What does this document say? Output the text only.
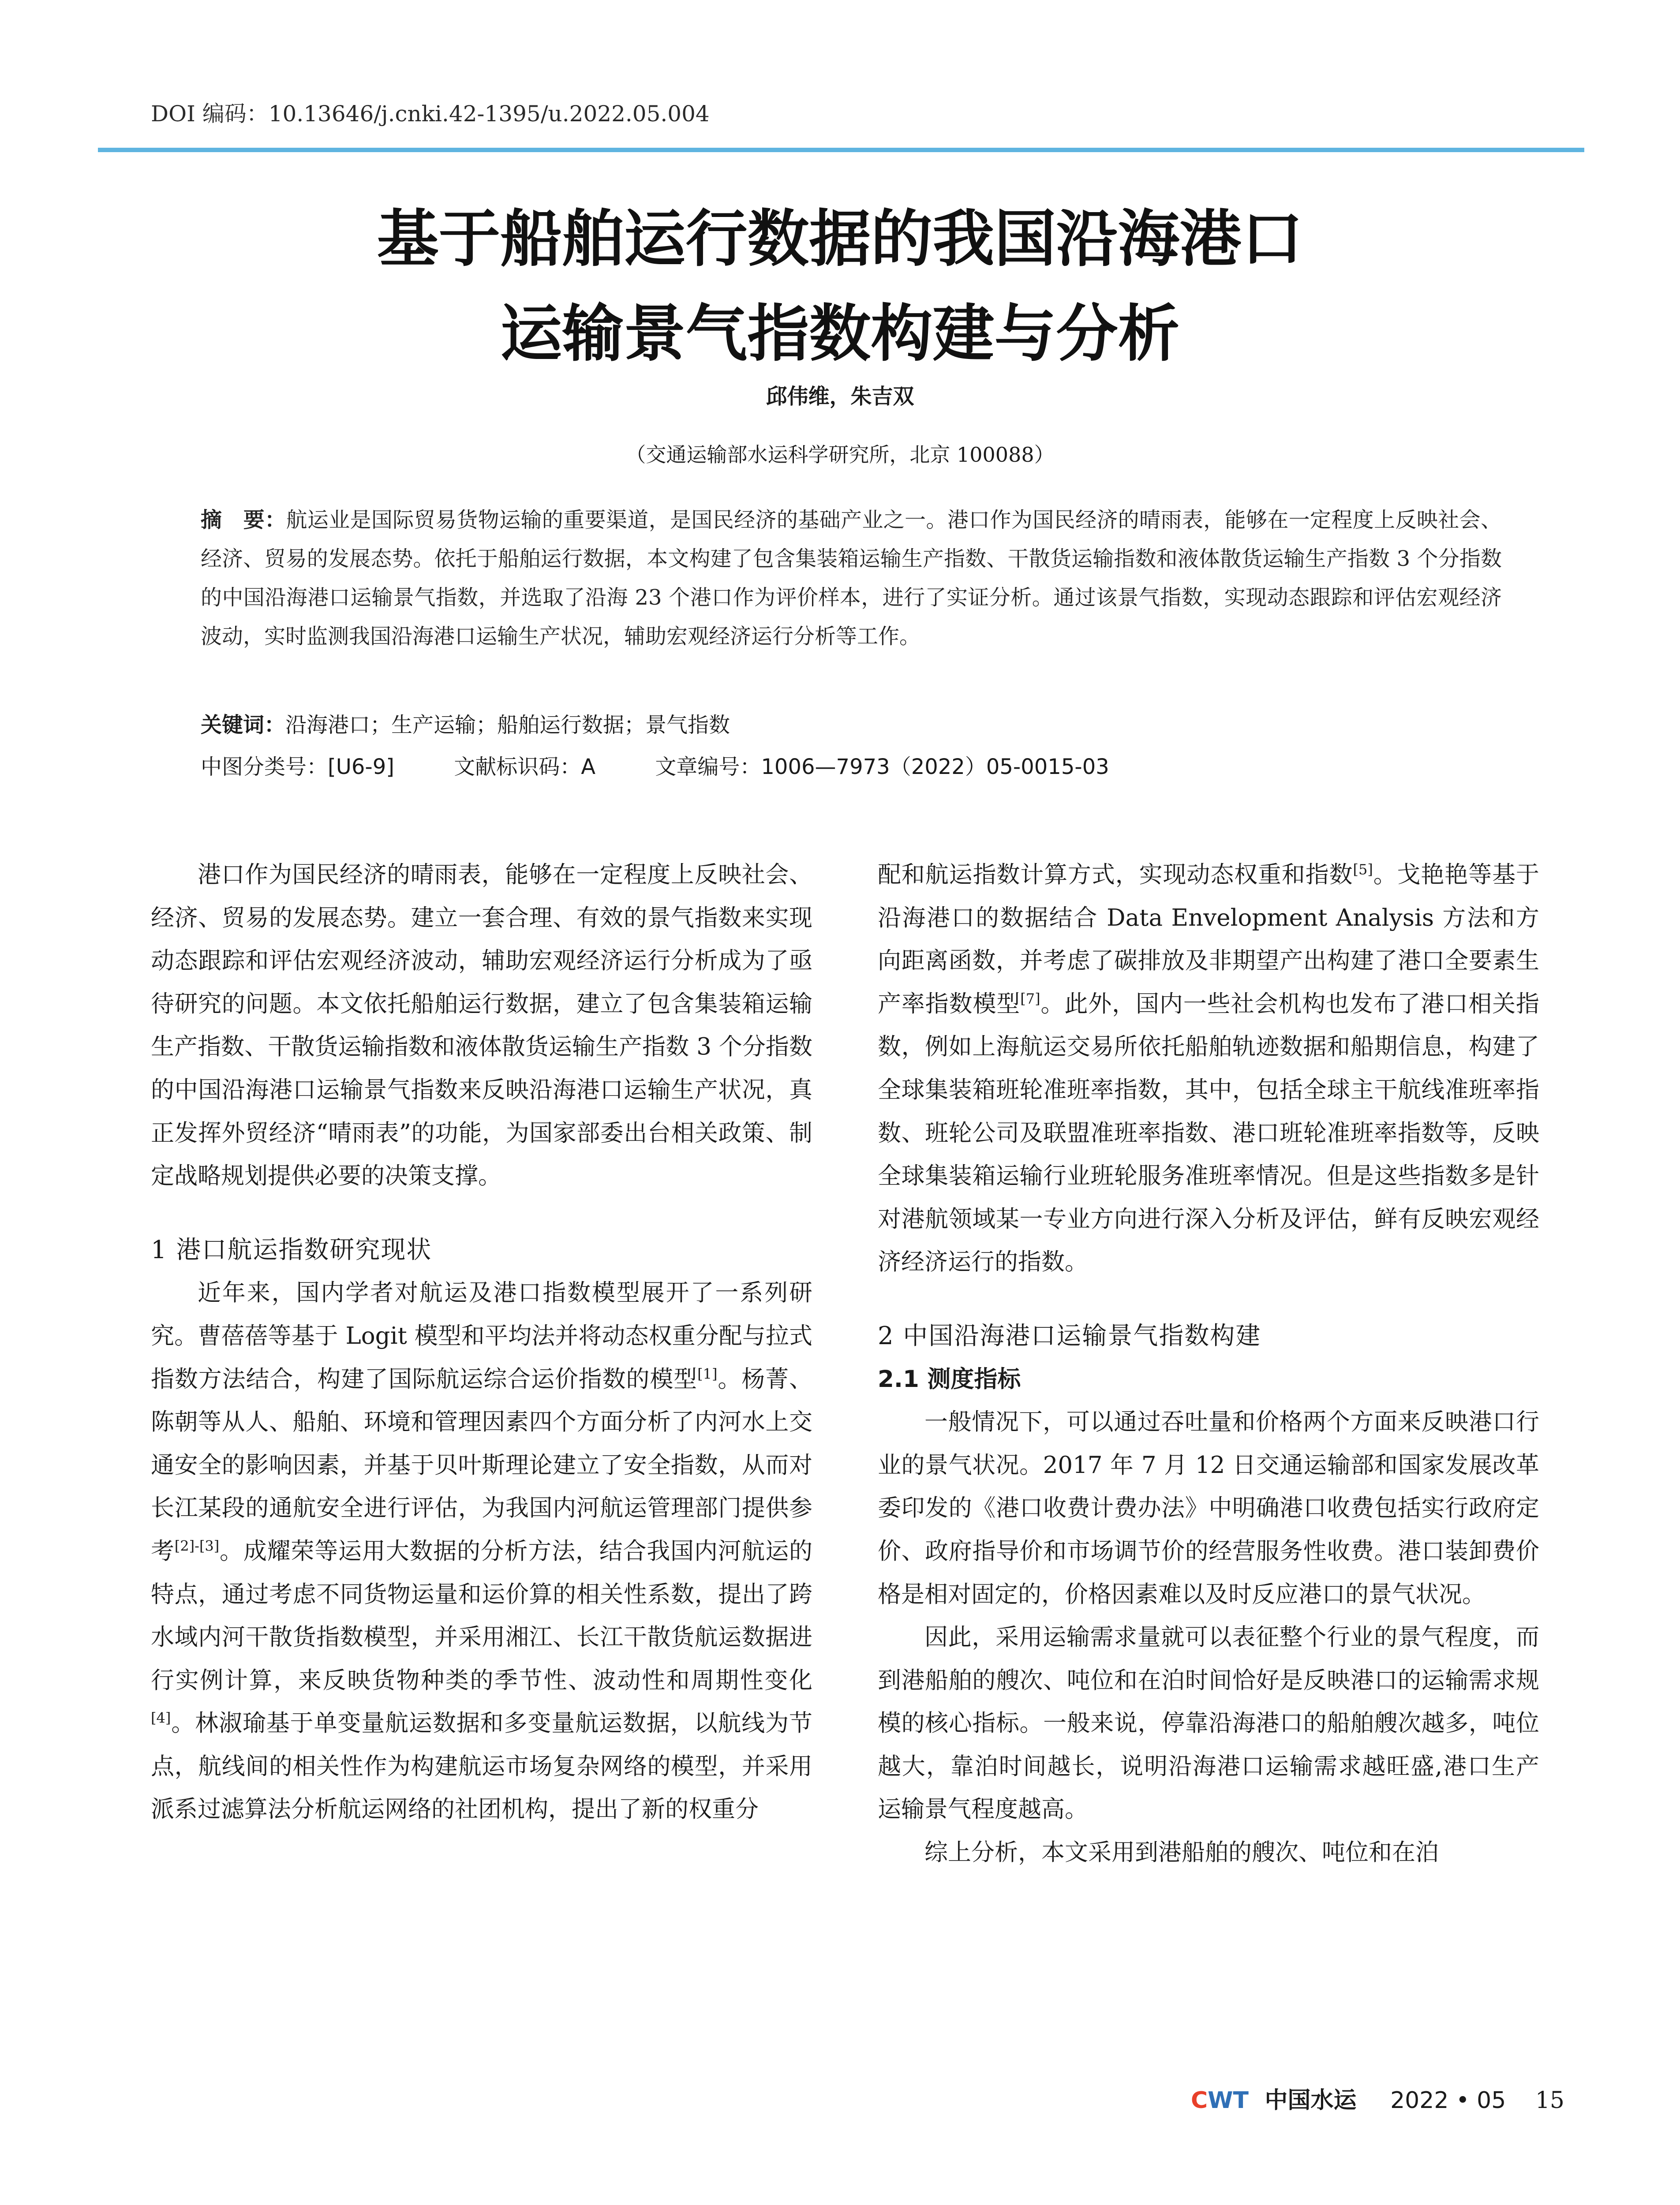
DOI 编码：10.13646/j.cnki.42-1395/u.2022.05.004
基于船舶运行数据的我国沿海港口
运输景气指数构建与分析
邱伟维，朱吉双
（交通运输部水运科学研究所，北京 100088）
摘　要：航运业是国际贸易货物运输的重要渠道，是国民经济的基础产业之一。港口作为国民经济的晴雨表，能够在一定程度上反映社会、经济、贸易的发展态势。依托于船舶运行数据，本文构建了包含集装箱运输生产指数、干散货运输指数和液体散货运输生产指数 3 个分指数的中国沿海港口运输景气指数，并选取了沿海 23 个港口作为评价样本，进行了实证分析。通过该景气指数，实现动态跟踪和评估宏观经济波动，实时监测我国沿海港口运输生产状况，辅助宏观经济运行分析等工作。
关键词：沿海港口；生产运输；船舶运行数据；景气指数
中图分类号：[U6-9]	文献标识码：A	文章编号：1006—7973（2022）05-0015-03

港口作为国民经济的晴雨表，能够在一定程度上反映社会、经济、贸易的发展态势。建立一套合理、有效的景气指数来实现动态跟踪和评估宏观经济波动，辅助宏观经济运行分析成为了亟待研究的问题。本文依托船舶运行数据，建立了包含集装箱运输生产指数、干散货运输指数和液体散货运输生产指数 3 个分指数的中国沿海港口运输景气指数来反映沿海港口运输生产状况，真正发挥外贸经济“晴雨表”的功能，为国家部委出台相关政策、制定战略规划提供必要的决策支撑。

1 港口航运指数研究现状

近年来，国内学者对航运及港口指数模型展开了一系列研究。曹蓓蓓等基于 Logit 模型和平均法并将动态权重分配与拉式指数方法结合，构建了国际航运综合运价指数的模型[1]。杨菁、陈朝等从人、船舶、环境和管理因素四个方面分析了内河水上交通安全的影响因素，并基于贝叶斯理论建立了安全指数，从而对长江某段的通航安全进行评估，为我国内河航运管理部门提供参考[2]-[3]。成耀荣等运用大数据的分析方法，结合我国内河航运的特点，通过考虑不同货物运量和运价算的相关性系数，提出了跨水域内河干散货指数模型，并采用湘江、长江干散货航运数据进行实例计算，来反映货物种类的季节性、波动性和周期性变化[4]。林淑瑜基于单变量航运数据和多变量航运数据，以航线为节点，航线间的相关性作为构建航运市场复杂网络的模型，并采用派系过滤算法分析航运网络的社团机构，提出了新的权重分

配和航运指数计算方式，实现动态权重和指数[5]。戈艳艳等基于沿海港口的数据结合 Data Envelopment Analysis 方法和方向距离函数，并考虑了碳排放及非期望产出构建了港口全要素生产率指数模型[7]。此外，国内一些社会机构也发布了港口相关指数，例如上海航运交易所依托船舶轨迹数据和船期信息，构建了全球集装箱班轮准班率指数，其中，包括全球主干航线准班率指数、班轮公司及联盟准班率指数、港口班轮准班率指数等，反映全球集装箱运输行业班轮服务准班率情况。但是这些指数多是针对港航领域某一专业方向进行深入分析及评估，鲜有反映宏观经济经济运行的指数。

2 中国沿海港口运输景气指数构建
2.1 测度指标

一般情况下，可以通过吞吐量和价格两个方面来反映港口行业的景气状况。2017 年 7 月 12 日交通运输部和国家发展改革委印发的《港口收费计费办法》中明确港口收费包括实行政府定价、政府指导价和市场调节价的经营服务性收费。港口装卸费价格是相对固定的，价格因素难以及时反应港口的景气状况。

因此，采用运输需求量就可以表征整个行业的景气程度，而到港船舶的艘次、吨位和在泊时间恰好是反映港口的运输需求规模的核心指标。一般来说，停靠沿海港口的船舶艘次越多，吨位越大，靠泊时间越长，说明沿海港口运输需求越旺盛,港口生产运输景气程度越高。

综上分析，本文采用到港船舶的艘次、吨位和在泊

CWT 中国水运 2022 • 05 15
